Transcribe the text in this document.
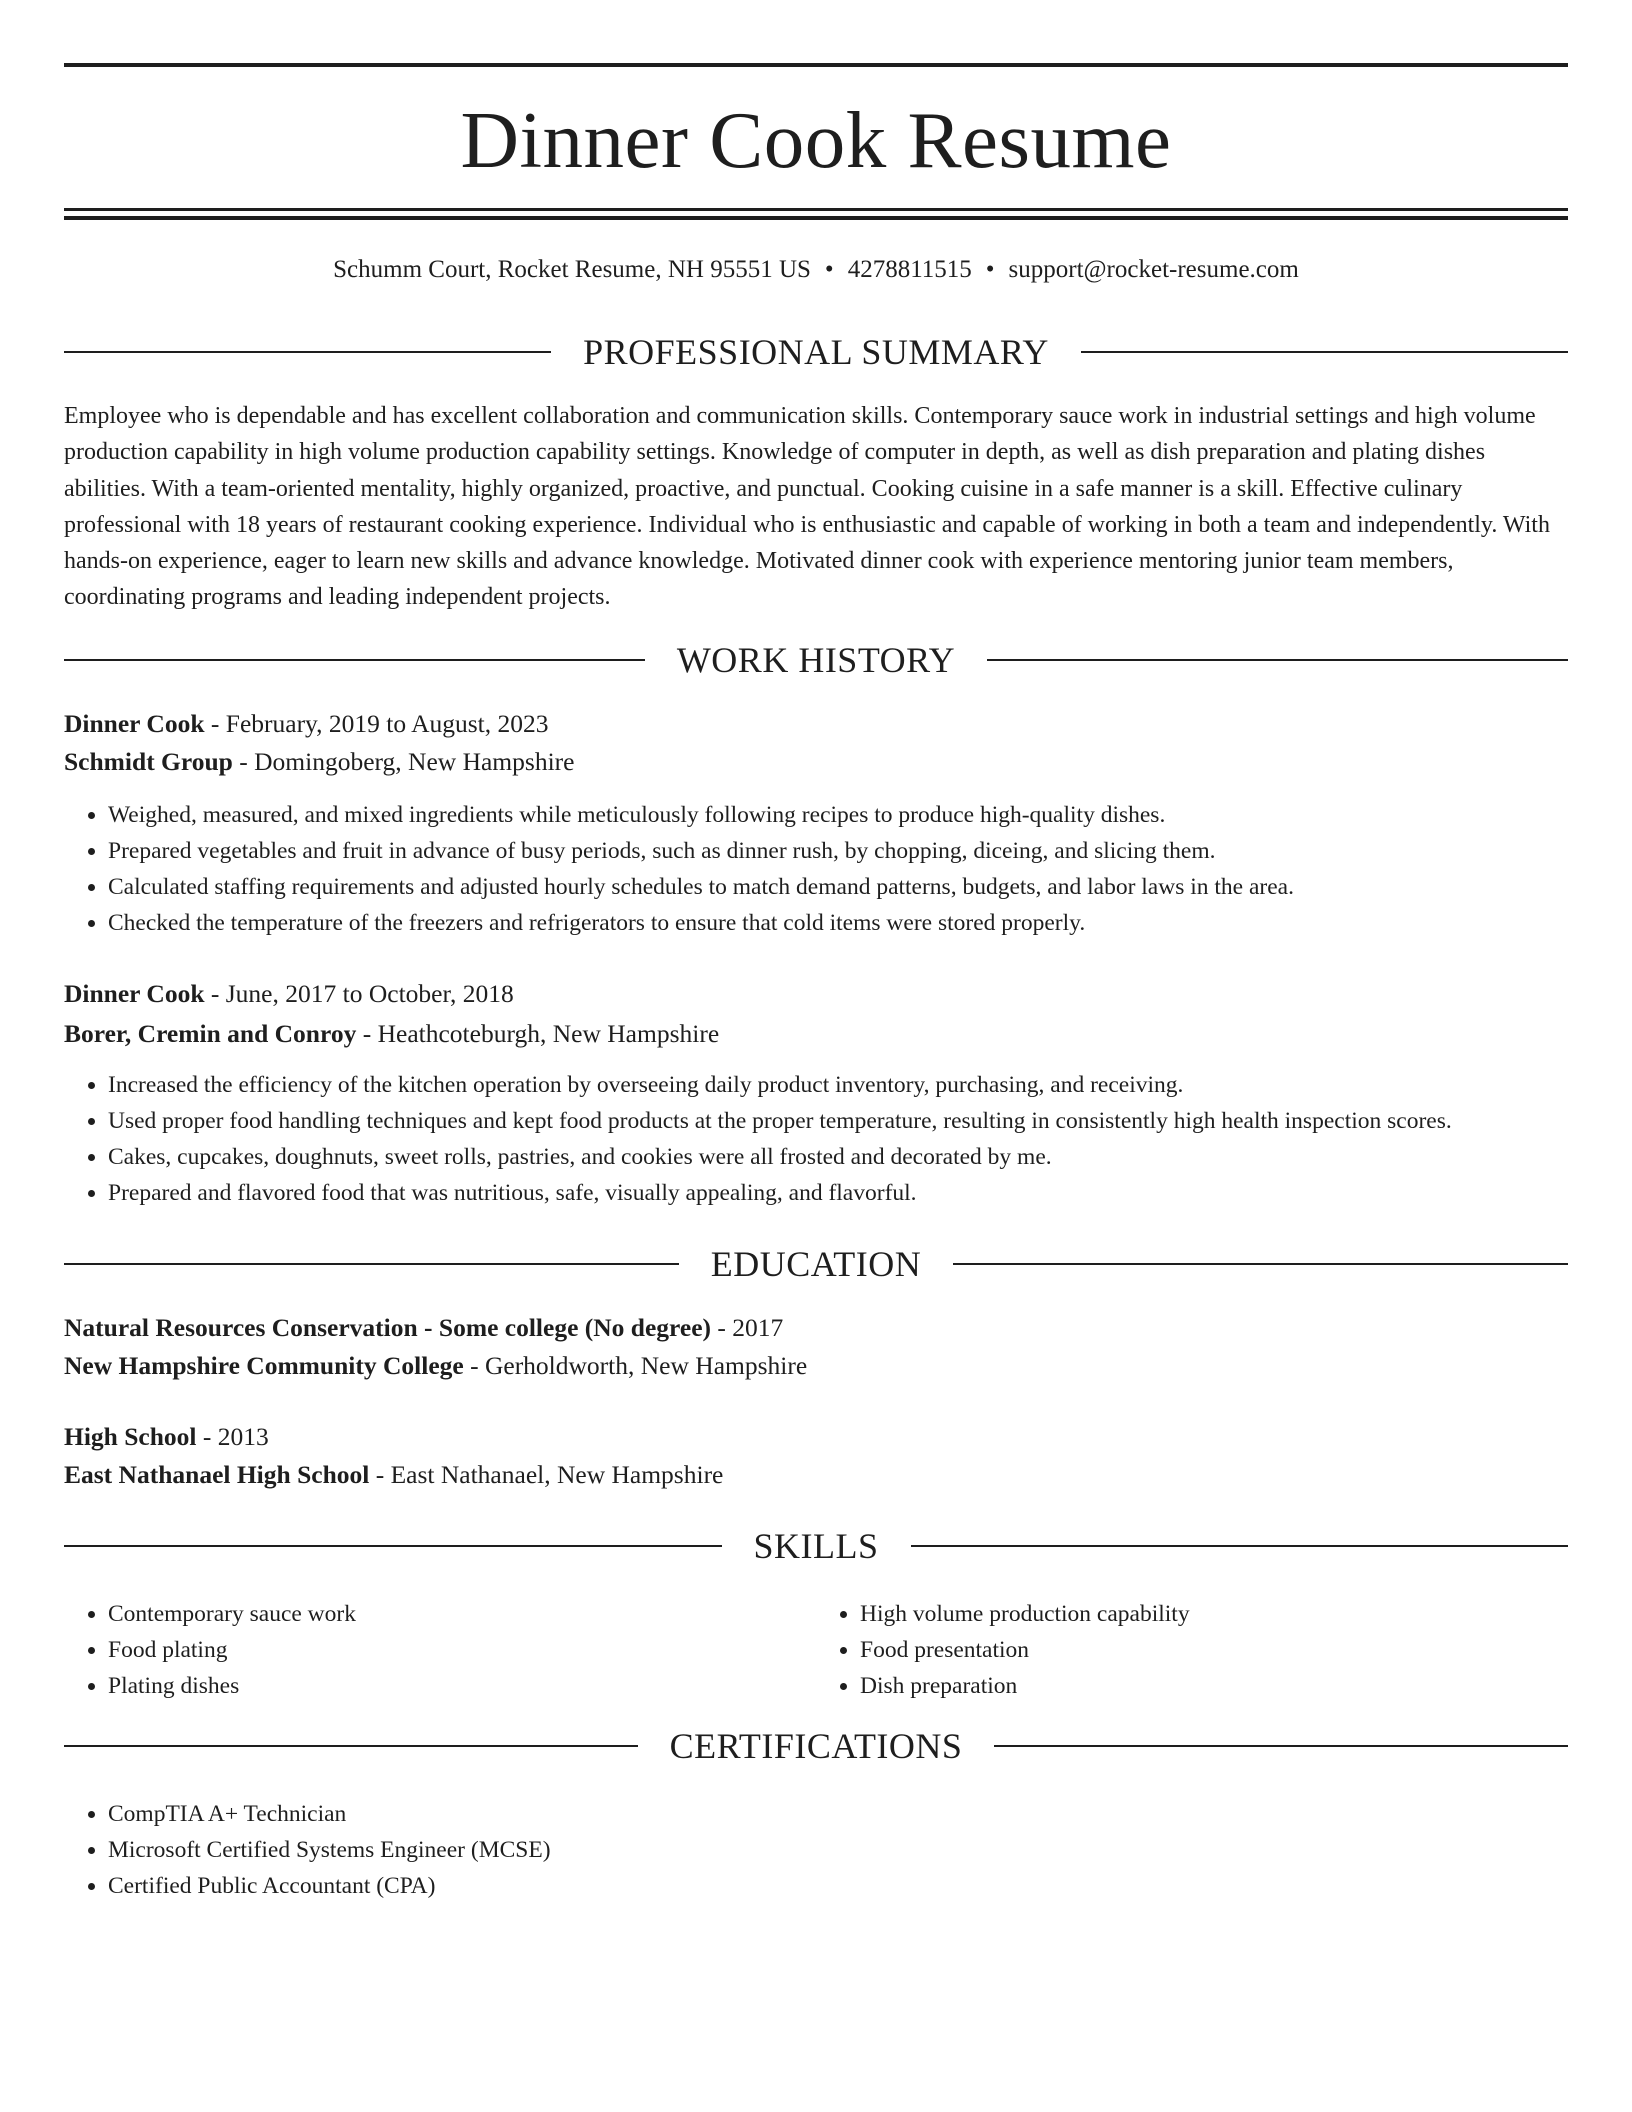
Dinner Cook Resume
Schumm Court, Rocket Resume, NH 95551 US • 4278811515 • support@rocket-resume.com
PROFESSIONAL SUMMARY
Employee who is dependable and has excellent collaboration and communication skills. Contemporary sauce work in industrial settings and high volume production capability in high volume production capability settings. Knowledge of computer in depth, as well as dish preparation and plating dishes abilities. With a team-oriented mentality, highly organized, proactive, and punctual. Cooking cuisine in a safe manner is a skill. Effective culinary professional with 18 years of restaurant cooking experience. Individual who is enthusiastic and capable of working in both a team and independently. With hands-on experience, eager to learn new skills and advance knowledge. Motivated dinner cook with experience mentoring junior team members, coordinating programs and leading independent projects.
WORK HISTORY
Dinner Cook - February, 2019 to August, 2023
Schmidt Group - Domingoberg, New Hampshire
• Weighed, measured, and mixed ingredients while meticulously following recipes to produce high-quality dishes.
• Prepared vegetables and fruit in advance of busy periods, such as dinner rush, by chopping, diceing, and slicing them.
• Calculated staffing requirements and adjusted hourly schedules to match demand patterns, budgets, and labor laws in the area.
• Checked the temperature of the freezers and refrigerators to ensure that cold items were stored properly.
Dinner Cook - June, 2017 to October, 2018
Borer, Cremin and Conroy - Heathcoteburgh, New Hampshire
• Increased the efficiency of the kitchen operation by overseeing daily product inventory, purchasing, and receiving.
• Used proper food handling techniques and kept food products at the proper temperature, resulting in consistently high health inspection scores.
• Cakes, cupcakes, doughnuts, sweet rolls, pastries, and cookies were all frosted and decorated by me.
• Prepared and flavored food that was nutritious, safe, visually appealing, and flavorful.
EDUCATION
Natural Resources Conservation - Some college (No degree) - 2017
New Hampshire Community College - Gerholdworth, New Hampshire
High School - 2013
East Nathanael High School - East Nathanael, New Hampshire
SKILLS
• Contemporary sauce work
• Food plating
• Plating dishes
• High volume production capability
• Food presentation
• Dish preparation
CERTIFICATIONS
• CompTIA A+ Technician
• Microsoft Certified Systems Engineer (MCSE)
• Certified Public Accountant (CPA)
